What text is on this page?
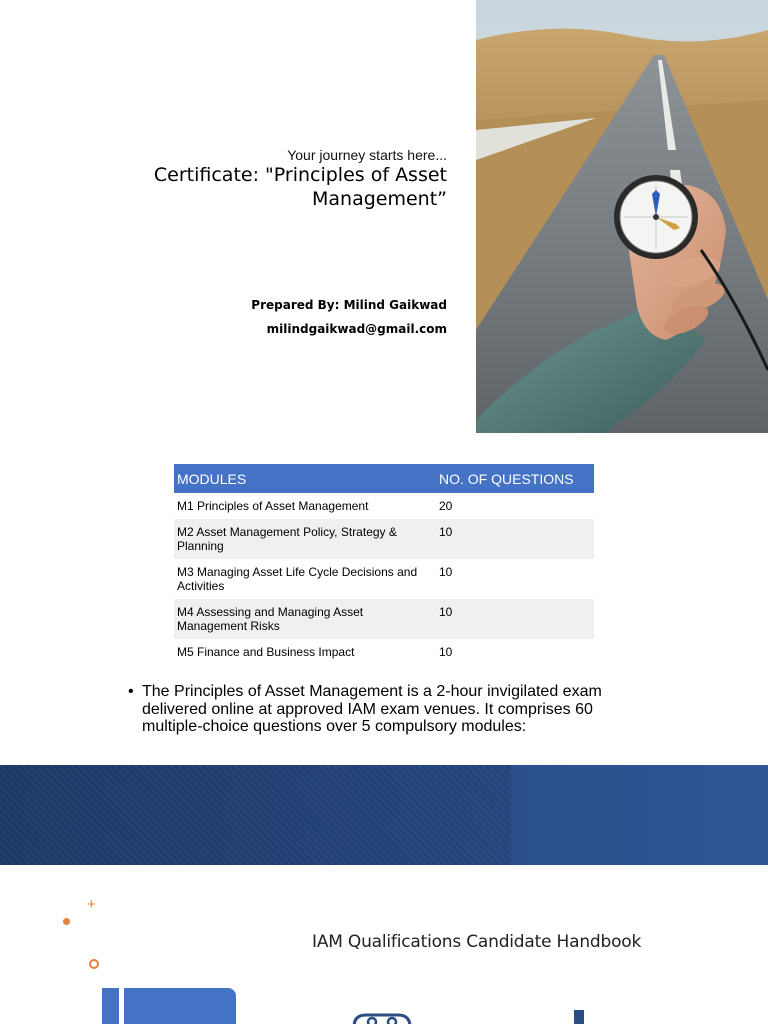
Your journey starts here...
Certificate: "Principles of Asset Management”
Prepared By: Milind Gaikwad
milindgaikwad@gmail.com
MODULES	NO. OF QUESTIONS
M1 Principles of Asset Management	20
M2 Asset Management Policy, Strategy & Planning	10
M3 Managing Asset Life Cycle Decisions and Activities	10
M4 Assessing and Managing Asset Management Risks	10
M5 Finance and Business Impact	10
• The Principles of Asset Management is a 2-hour invigilated exam delivered online at approved IAM exam venues. It comprises 60 multiple-choice questions over 5 compulsory modules:
+
IAM Qualifications Candidate Handbook
